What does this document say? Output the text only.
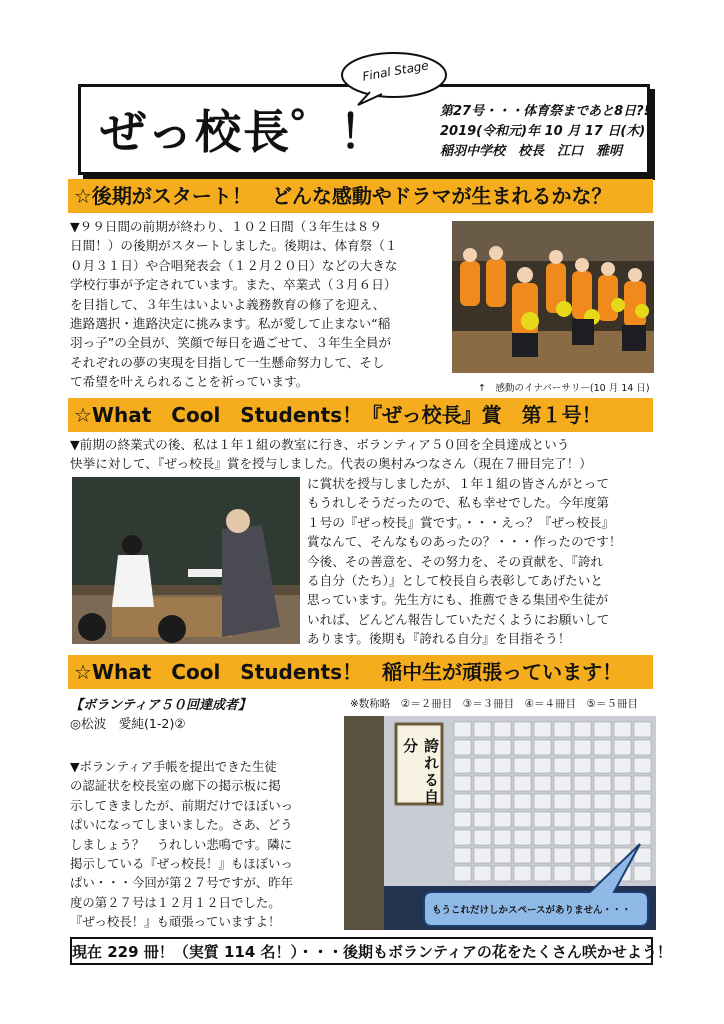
ぜっ校長゜！
Final Stage
第27号・・・体育祭まであと8日?!
2019(令和元)年 10 月 17 日(木)
稲羽中学校　校長　江口　雅明
☆後期がスタート！　どんな感動やドラマが生まれるかな？
▼９９日間の前期が終わり、１０２日間（３年生は８９
日間！）の後期がスタートしました。後期は、体育祭（１
０月３１日）や合唱発表会（１２月２０日）などの大きな
学校行事が予定されています。また、卒業式（３月６日）
を目指して、３年生はいよいよ義務教育の修了を迎え、
進路選択・進路決定に挑みます。私が愛して止まない“稲
羽っ子”の全員が、笑顔で毎日を過ごせて、３年生全員が
それぞれの夢の実現を目指して一生懸命努力して、そし
て希望を叶えられることを祈っています。	↑　感動のイナバーサリー(10 月 14 日)
☆What　Cool　Students！『ぜっ校長』賞　第１号！
▼前期の終業式の後、私は１年１組の教室に行き、ボランティア５０回を全員達成という
快挙に対して、『ぜっ校長』賞を授与しました。代表の奥村みつなさん（現在７冊目完了！）
に賞状を授与しましたが、１年１組の皆さんがとって
もうれしそうだったので、私も幸せでした。今年度第
１号の『ぜっ校長』賞です。・・・えっ？『ぜっ校長』
賞なんて、そんなものあったの？・・・作ったのです！
今後、その善意を、その努力を、その貢献を、『誇れ
る自分（たち）』として校長自ら表彰してあげたいと
思っています。先生方にも、推薦できる集団や生徒が
いれば、どんどん報告していただくようにお願いして
あります。後期も『誇れる自分』を目指そう！
☆What　Cool　Students！　稲中生が頑張っています！
【ボランティア５０回達成者】	※数称略　②＝２冊目　③＝３冊目　④＝４冊目　⑤＝５冊目
◎松波　愛純(1-2)②
▼ボランティア手帳を提出できた生徒
の認証状を校長室の廊下の掲示板に掲
示してきましたが、前期だけでほぼいっ
ぱいになってしまいました。さあ、どう
しましょう？　うれしい悲鳴です。隣に
掲示している『ぜっ校長！』もほぼいっ
ぱい・・・今回が第２７号ですが、昨年
度の第２７号は１２月１２日でした。
『ぜっ校長！』も頑張っていますよ！
誇れる自分
もうこれだけしかスペースがありません・・・
現在 229 冊！（実質 114 名！）・・・後期もボランティアの花をたくさん咲かせよう！
